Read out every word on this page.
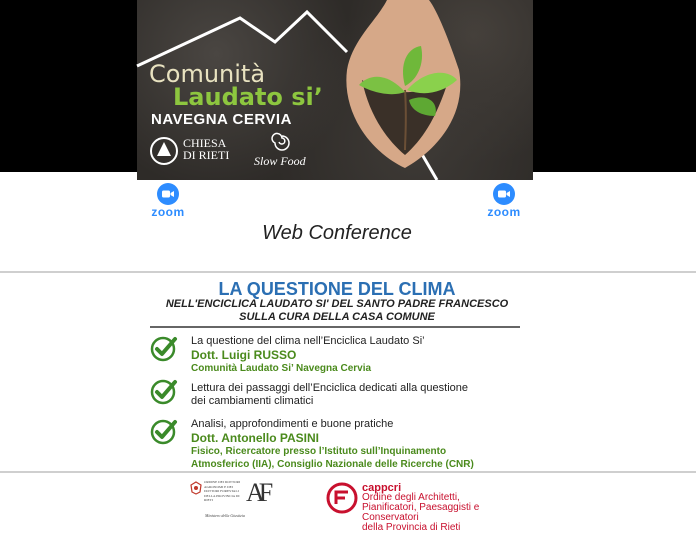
Comunità
Laudato si’
NAVEGNA CERVIA
CHIESA
DI RIETI Slow Food
zoom	zoom
Web Conference
LA QUESTIONE DEL CLIMA
NELL'ENCICLICA LAUDATO SI' DEL SANTO PADRE FRANCESCO
SULLA CURA DELLA CASA COMUNE
La questione del clima nell’Enciclica Laudato Si’
Dott. Luigi RUSSO
Comunità Laudato Si’ Navegna Cervia
Lettura dei passaggi dell’Enciclica dedicati alla questione
dei cambiamenti climatici
Analisi, approfondimenti e buone pratiche
Dott. Antonello PASINI
Fisico, Ricercatore presso l’Istituto sull’Inquinamento
Atmosferico (IIA), Consiglio Nazionale delle Ricerche (CNR)
ORDINE DEI DOTTORI AGRONOMI E DEI DOTTORI FORESTALI DELLA PROVINCIA DI RIETI
Ministero della Giustizia
AF	cappcri
Ordine degli Architetti,
Pianificatori, Paesaggisti e Conservatori
della Provincia di Rieti
